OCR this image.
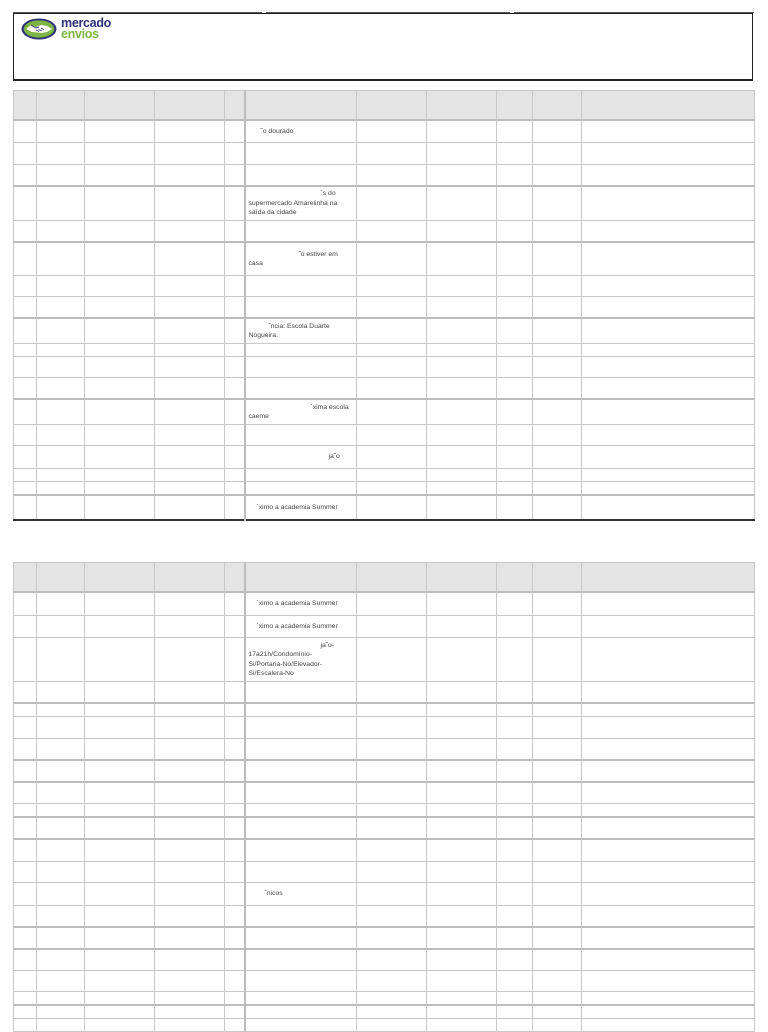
mercado
envios

					˜o dourado					

					`s do
supermercado Amarelinha na
saída da cidade					

					˜o estiver em
casa					

					ˆncia: Escola Duarte
Nogueira.					

					´xima escola
caeme					

					ja˜o					

					´ximo a academia Summer					

					´ximo a academia Summer					
					´ximo a academia Summer					
					ja˜o-
17a21h/Condomínio-
Si/Portaria-No/Elevador-
Si/Escalera-No					

					ˆnicos					
